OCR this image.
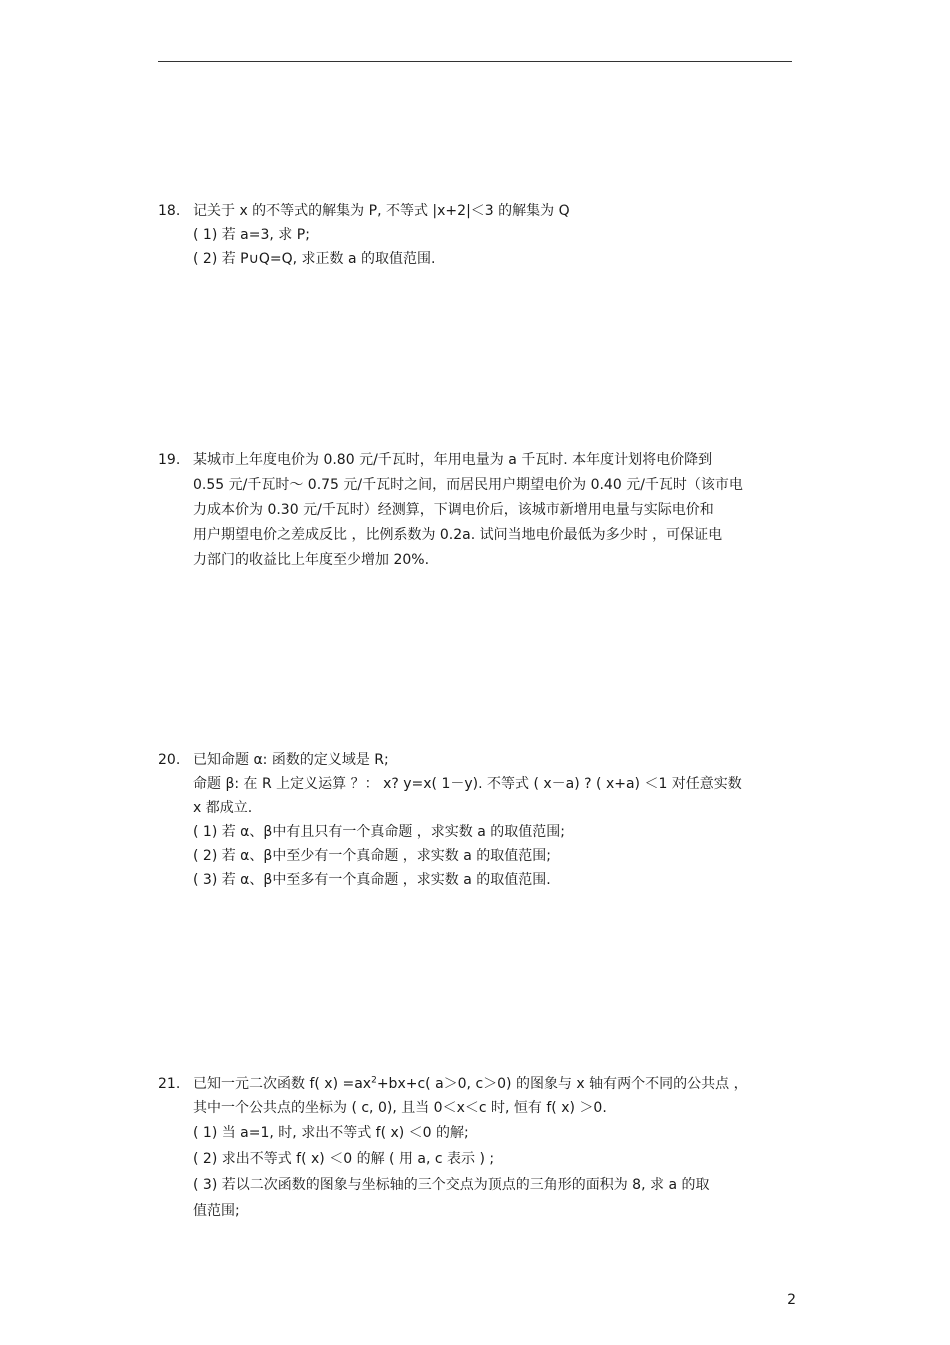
18. 记关于 x 的不等式的解集为 P, 不等式 |x+2|＜3 的解集为 Q
( 1) 若 a=3, 求 P;
( 2) 若 P∪Q=Q, 求正数 a 的取值范围.
19. 某城市上年度电价为 0.80 元/千瓦时，年用电量为 a 千瓦时. 本年度计划将电价降到
0.55 元/千瓦时～ 0.75 元/千瓦时之间，而居民用户期望电价为 0.40 元/千瓦时（该市电
力成本价为 0.30 元/千瓦时）经测算，下调电价后，该城市新增用电量与实际电价和
用户期望电价之差成反比 ，比例系数为 0.2a. 试问当地电价最低为多少时 ，可保证电
力部门的收益比上年度至少增加 20%.
20. 已知命题 α: 函数的定义域是 R;
命题 β: 在 R 上定义运算 ？： x? y=x( 1－y). 不等式 ( x－a) ? ( x+a) ＜1 对任意实数
x 都成立.
( 1) 若 α、β中有且只有一个真命题 ，求实数 a 的取值范围;
( 2) 若 α、β中至少有一个真命题 ，求实数 a 的取值范围;
( 3) 若 α、β中至多有一个真命题 ，求实数 a 的取值范围.
21. 已知一元二次函数 f( $x) =ax^2+bx+c$( a＞0, c＞0) 的图象与 x 轴有两个不同的公共点 ，
其中一个公共点的坐标为 ( c, 0), 且当 0＜x＜c 时, 恒有 f( x) ＞0.
( 1) 当 a=1, 时, 求出不等式 f( x) ＜0 的解;
( 2) 求出不等式 f( x) ＜0 的解 ( 用 a, c 表示 ) ;
( 3) 若以二次函数的图象与坐标轴的三个交点为顶点的三角形的面积为 8, 求 a 的取
值范围;
2
